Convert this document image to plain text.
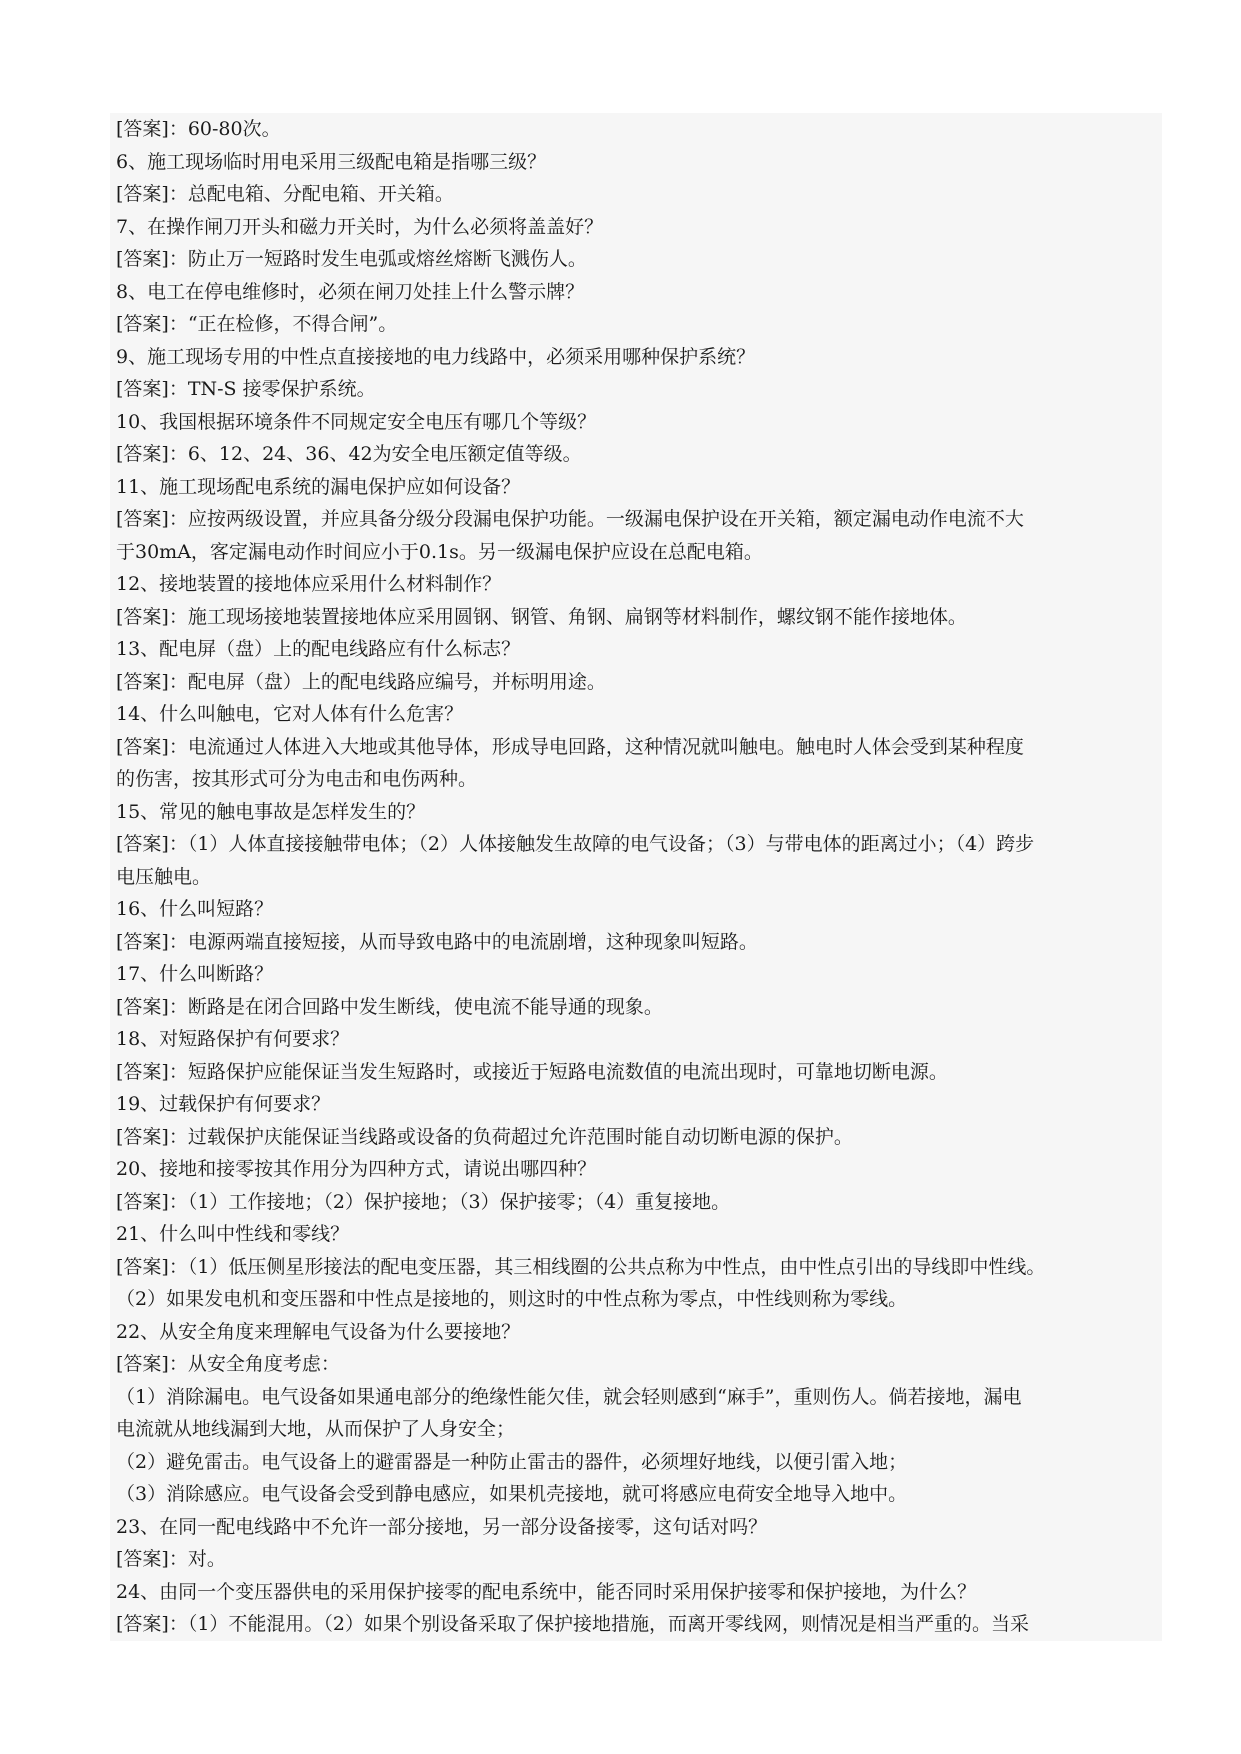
[答案]：60-80次。
6、施工现场临时用电采用三级配电箱是指哪三级？
[答案]：总配电箱、分配电箱、开关箱。
7、在操作闸刀开头和磁力开关时，为什么必须将盖盖好？
[答案]：防止万一短路时发生电弧或熔丝熔断飞溅伤人。
8、电工在停电维修时，必须在闸刀处挂上什么警示牌？
[答案]：“正在检修，不得合闸”。
9、施工现场专用的中性点直接接地的电力线路中，必须采用哪种保护系统？
[答案]：TN-S 接零保护系统。
10、我国根据环境条件不同规定安全电压有哪几个等级？
[答案]：6、12、24、36、42为安全电压额定值等级。
11、施工现场配电系统的漏电保护应如何设备？
[答案]：应按两级设置，并应具备分级分段漏电保护功能。一级漏电保护设在开关箱，额定漏电动作电流不大
于30mA，客定漏电动作时间应小于0.1s。另一级漏电保护应设在总配电箱。
12、接地装置的接地体应采用什么材料制作？
[答案]：施工现场接地装置接地体应采用圆钢、钢管、角钢、扁钢等材料制作，螺纹钢不能作接地体。
13、配电屏（盘）上的配电线路应有什么标志？
[答案]：配电屏（盘）上的配电线路应编号，并标明用途。
14、什么叫触电，它对人体有什么危害？
[答案]：电流通过人体进入大地或其他导体，形成导电回路，这种情况就叫触电。触电时人体会受到某种程度
的伤害，按其形式可分为电击和电伤两种。
15、常见的触电事故是怎样发生的？
[答案]：（1）人体直接接触带电体；（2）人体接触发生故障的电气设备；（3）与带电体的距离过小；（4）跨步
电压触电。
16、什么叫短路？
[答案]：电源两端直接短接，从而导致电路中的电流剧增，这种现象叫短路。
17、什么叫断路？
[答案]：断路是在闭合回路中发生断线，使电流不能导通的现象。
18、对短路保护有何要求？
[答案]：短路保护应能保证当发生短路时，或接近于短路电流数值的电流出现时，可靠地切断电源。
19、过载保护有何要求？
[答案]：过载保护庆能保证当线路或设备的负荷超过允许范围时能自动切断电源的保护。
20、接地和接零按其作用分为四种方式，请说出哪四种？
[答案]：（1）工作接地；（2）保护接地；（3）保护接零；（4）重复接地。
21、什么叫中性线和零线？
[答案]：（1）低压侧星形接法的配电变压器，其三相线圈的公共点称为中性点，由中性点引出的导线即中性线。
（2）如果发电机和变压器和中性点是接地的，则这时的中性点称为零点，中性线则称为零线。
22、从安全角度来理解电气设备为什么要接地？
[答案]：从安全角度考虑：
（1）消除漏电。电气设备如果通电部分的绝缘性能欠佳，就会轻则感到“麻手”，重则伤人。倘若接地，漏电
电流就从地线漏到大地，从而保护了人身安全；
（2）避免雷击。电气设备上的避雷器是一种防止雷击的器件，必须埋好地线，以便引雷入地；
（3）消除感应。电气设备会受到静电感应，如果机壳接地，就可将感应电荷安全地导入地中。
23、在同一配电线路中不允许一部分接地，另一部分设备接零，这句话对吗？
[答案]：对。
24、由同一个变压器供电的采用保护接零的配电系统中，能否同时采用保护接零和保护接地，为什么？
[答案]：（1）不能混用。（2）如果个别设备采取了保护接地措施，而离开零线网，则情况是相当严重的。当采
